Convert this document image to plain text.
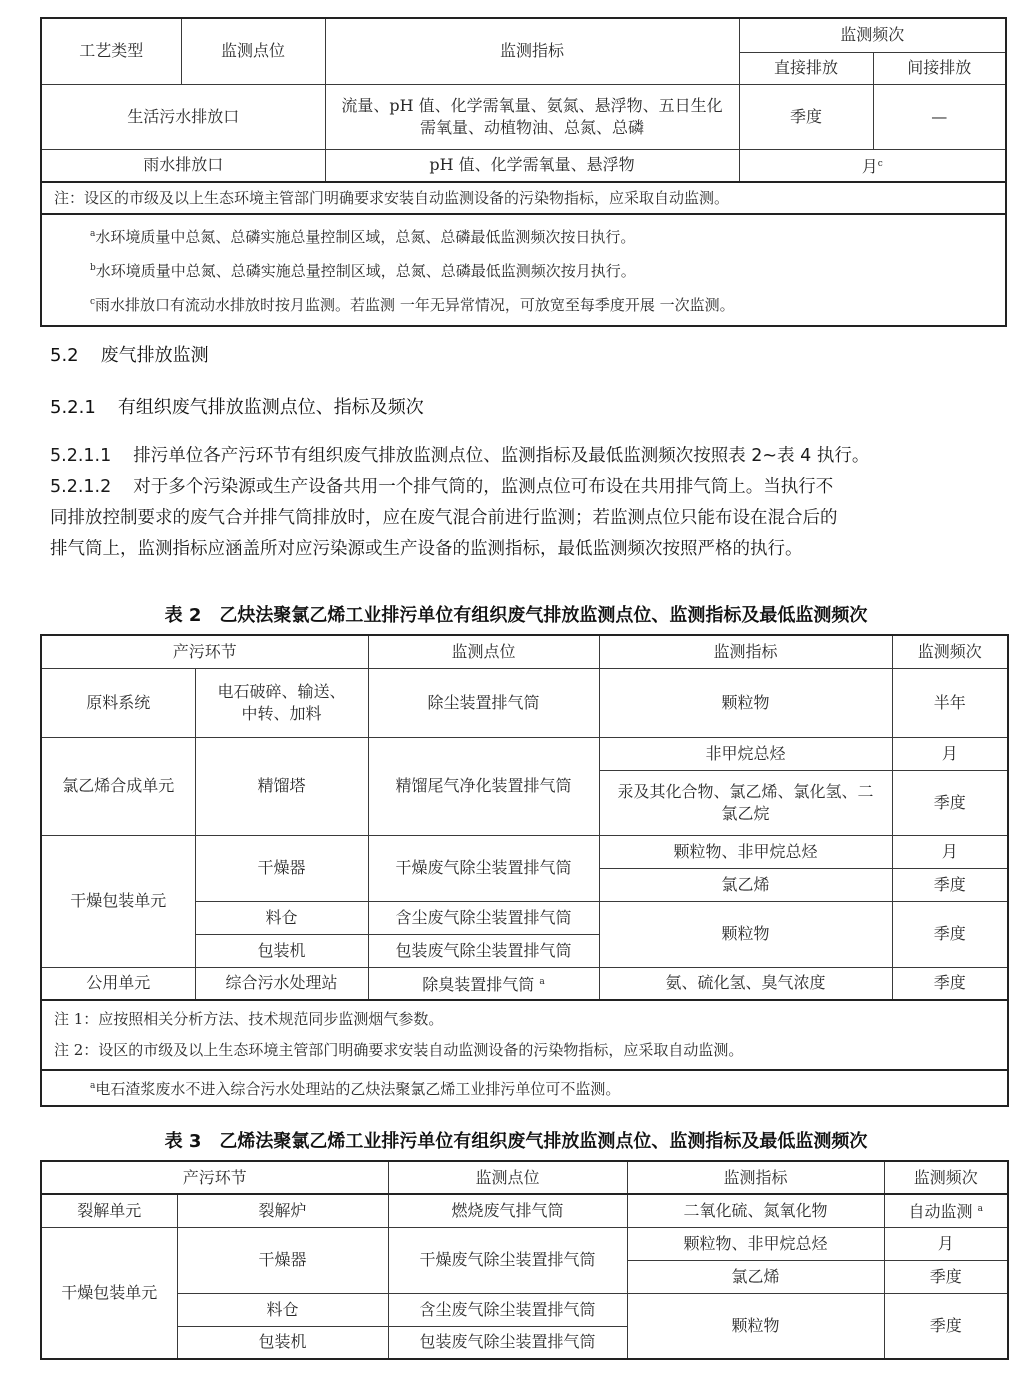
工艺类型	监测点位	监测指标	监测频次	
			直接排放	间接排放
生活污水排放口		流量、pH 值、化学需氧量、氨氮、悬浮物、五日生化需氧量、动植物油、总氮、总磷	季度	—
雨水排放口		pH 值、化学需氧量、悬浮物	月$^c$
注：设区的市级及以上生态环境主管部门明确要求安装自动监测设备的污染物指标，应采取自动监测。				

$^a$水环境质量中总氮、总磷实施总量控制区域，总氮、总磷最低监测频次按日执行。
$^b$水环境质量中总氮、总磷实施总量控制区域，总氮、总磷最低监测频次按月执行。
$^c$雨水排放口有流动水排放时按月监测。若监测 一年无异常情况，可放宽至每季度开展 一次监测。				

5.2 废气排放监测

5.2.1 有组织废气排放监测点位、指标及频次

5.2.1.1 排污单位各产污环节有组织废气排放监测点位、监测指标及最低监测频次按照表 2~表 4 执行。

5.2.1.2 对于多个污染源或生产设备共用一个排气筒的，监测点位可布设在共用排气筒上。当执行不
同排放控制要求的废气合并排气筒排放时，应在废气混合前进行监测；若监测点位只能布设在混合后的
排气筒上，监测指标应涵盖所对应污染源或生产设备的监测指标，最低监测频次按照严格的执行。

表 2　乙炔法聚氯乙烯工业排污单位有组织废气排放监测点位、监测指标及最低监测频次

产污环节		监测点位	监测指标	监测频次
原料系统	电石破碎、输送、中转、加料	除尘装置排气筒	颗粒物	半年
氯乙烯合成单元	精馏塔	精馏尾气净化装置排气筒	非甲烷总烃	月
			汞及其化合物、氯乙烯、氯化氢、二氯乙烷	季度
干燥包装单元	干燥器	干燥废气除尘装置排气筒	颗粒物、非甲烷总烃	月
			氯乙烯	季度
	料仓	含尘废气除尘装置排气筒	颗粒物	季度
	包装机	包装废气除尘装置排气筒		
公用单元	综合污水处理站	除臭装置排气筒 $^a$	氨、硫化氢、臭气浓度	季度

注 1：应按照相关分析方法、技术规范同步监测烟气参数。
注 2：设区的市级及以上生态环境主管部门明确要求安装自动监测设备的污染物指标，应采取自动监测。				

$^a$电石渣浆废水不进入综合污水处理站的乙炔法聚氯乙烯工业排污单位可不监测。				

表 3　乙烯法聚氯乙烯工业排污单位有组织废气排放监测点位、监测指标及最低监测频次

产污环节		监测点位	监测指标	监测频次
裂解单元	裂解炉	燃烧废气排气筒	二氧化硫、氮氧化物	自动监测 $^a$
干燥包装单元	干燥器	干燥废气除尘装置排气筒	颗粒物、非甲烷总烃	月
			氯乙烯	季度
	料仓	含尘废气除尘装置排气筒	颗粒物	季度
	包装机	包装废气除尘装置排气筒		
